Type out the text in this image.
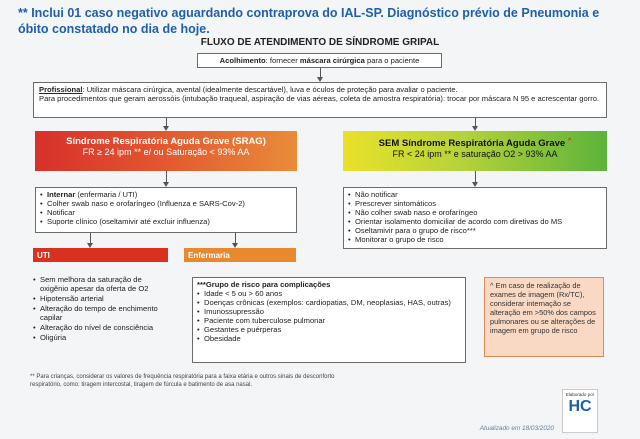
** Inclui 01 caso negativo aguardando contraprova do IAL-SP. Diagnóstico prévio de Pneumonia e óbito constatado no dia de hoje.
FLUXO DE ATENDIMENTO DE SÍNDROME GRIPAL
Acolhimento: fornecer máscara cirúrgica para o paciente
Profissional: Utilizar máscara cirúrgica, avental (idealmente descartável), luva e óculos de proteção para avaliar o paciente.
Para procedimentos que geram aerossóis (intubação traqueal, aspiração de vias aéreas, coleta de amostra respiratória): trocar por máscara N 95 e acrescentar gorro.
Síndrome Respiratória Aguda Grave (SRAG)
FR ≥ 24 ipm ** e/ ou Saturação < 93% AA
SEM Síndrome Respiratória Aguda Grave ^
FR < 24 ipm ** e saturação O2 > 93% AA
• Internar (enfermaria / UTI)
• Colher swab naso e orofaríngeo (Influenza e SARS-Cov-2)
• Notificar
• Suporte clínico (oseltamivir até excluir influenza)
• Não notificar
• Prescrever sintomáticos
• Não colher swab naso e orofaríngeo
• Orientar isolamento domiciliar de acordo com diretivas do MS
• Oseltamivir para o grupo de risco***
• Monitorar o grupo de risco
UTI	Enfermaria
• Sem melhora da saturação de oxigênio apesar da oferta de O2
• Hipotensão arterial
• Alteração do tempo de enchimento capilar
• Alteração do nível de consciência
• Oligúria
***Grupo de risco para complicações
• Idade < 5 ou > 60 anos
• Doenças crônicas (exemplos: cardiopatias, DM, neoplasias, HAS, outras)
• Imunossupressão
• Paciente com tuberculose pulmonar
• Gestantes e puérperas
• Obesidade
^ Em caso de realização de exames de imagem (Rx/TC), considerar internação se alteração em >50% dos campos pulmonares ou se alterações de imagem em grupo de risco
** Para crianças, considerar os valores de frequência respiratória para a faixa etária e outros sinais de desconforto respiratório, como: tiragem intercostal, tiragem de fúrcula e batimento de asa nasal.
Elaborado por
HC
Atualizado em 18/03/2020
